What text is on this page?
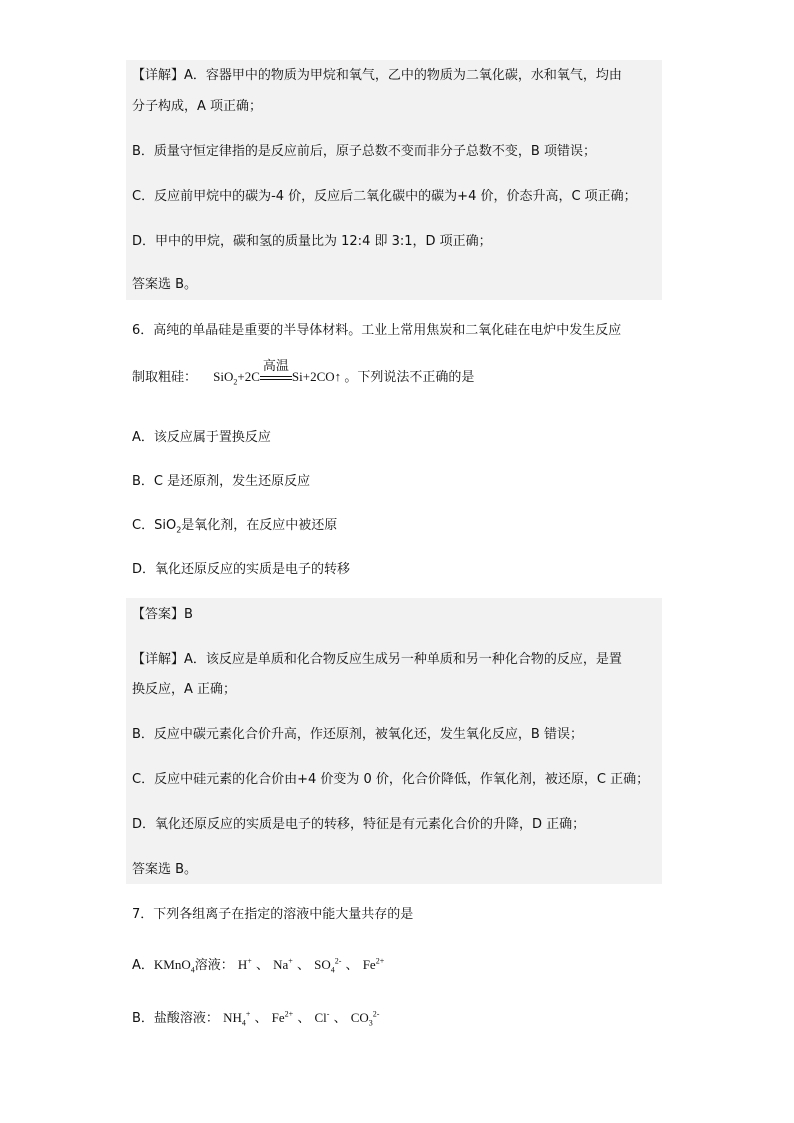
【详解】A．容器甲中的物质为甲烷和氧气，乙中的物质为二氧化碳，水和氧气，均由
分子构成，A 项正确；
B．质量守恒定律指的是反应前后，原子总数不变而非分子总数不变，B 项错误；
C．反应前甲烷中的碳为-4 价，反应后二氧化碳中的碳为+4 价，价态升高，C 项正确；
D．甲中的甲烷，碳和氢的质量比为 12:4 即 3:1，D 项正确；
答案选 B。
6．高纯的单晶硅是重要的半导体材料。工业上常用焦炭和二氧化硅在电炉中发生反应
制取粗硅： SiO$_2$+2C
高温
Si+2CO↑ 。下列说法不正确的是
A．该反应属于置换反应
B．C 是还原剂，发生还原反应
C．SiO$_2$是氧化剂，在反应中被还原
D．氧化还原反应的实质是电子的转移
【答案】B
【详解】A．该反应是单质和化合物反应生成另一种单质和另一种化合物的反应，是置
换反应，A 正确；
B．反应中碳元素化合价升高，作还原剂，被氧化还，发生氧化反应，B 错误；
C．反应中硅元素的化合价由+4 价变为 0 价，化合价降低，作氧化剂，被还原，C 正确；
D．氧化还原反应的实质是电子的转移，特征是有元素化合价的升降，D 正确；
答案选 B。
7．下列各组离子在指定的溶液中能大量共存的是
A．KMnO$_4$溶液： H+ 、 Na+ 、 $SO_4^{2-}$ 、 $Fe^{2+}$
B．盐酸溶液： $NH_4^+$ 、 $Fe^{2+}$ 、 Cl- 、 $CO_3^{2-}$
